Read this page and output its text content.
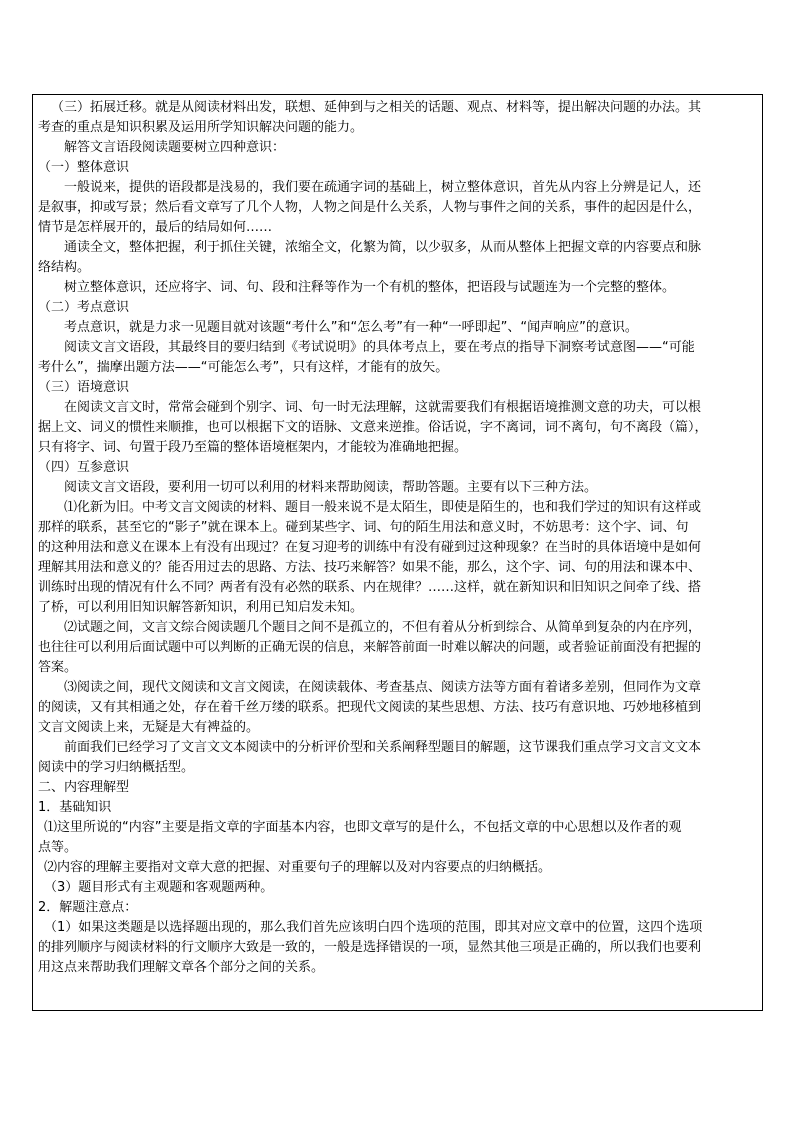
（三）拓展迁移。就是从阅读材料出发，联想、延伸到与之相关的话题、观点、材料等，提出解决问题的办法。其
考查的重点是知识积累及运用所学知识解决问题的能力。
解答文言语段阅读题要树立四种意识：
（一）整体意识
一般说来，提供的语段都是浅易的，我们要在疏通字词的基础上，树立整体意识，首先从内容上分辨是记人，还
是叙事，抑或写景；然后看文章写了几个人物，人物之间是什么关系，人物与事件之间的关系，事件的起因是什么，
情节是怎样展开的，最后的结局如何……
通读全文，整体把握，利于抓住关键，浓缩全文，化繁为简，以少驭多，从而从整体上把握文章的内容要点和脉
络结构。
树立整体意识，还应将字、词、句、段和注释等作为一个有机的整体，把语段与试题连为一个完整的整体。
（二）考点意识
考点意识，就是力求一见题目就对该题“考什么”和“怎么考”有一种“一呼即起”、“闻声响应”的意识。
阅读文言文语段，其最终目的要归结到《考试说明》的具体考点上，要在考点的指导下洞察考试意图——“可能
考什么”，揣摩出题方法——“可能怎么考”，只有这样，才能有的放矢。
（三）语境意识
在阅读文言文时，常常会碰到个别字、词、句一时无法理解，这就需要我们有根据语境推测文意的功夫，可以根
据上文、词义的惯性来顺推，也可以根据下文的语脉、文意来逆推。俗话说，字不离词，词不离句，句不离段（篇），
只有将字、词、句置于段乃至篇的整体语境框架内，才能较为准确地把握。
（四）互参意识
阅读文言文语段，要利用一切可以利用的材料来帮助阅读，帮助答题。主要有以下三种方法。
⑴化新为旧。中考文言文阅读的材料、题目一般来说不是太陌生，即使是陌生的，也和我们学过的知识有这样或
那样的联系，甚至它的“影子”就在课本上。碰到某些字、词、句的陌生用法和意义时，不妨思考：这个字、词、句
的这种用法和意义在课本上有没有出现过？在复习迎考的训练中有没有碰到过这种现象？在当时的具体语境中是如何
理解其用法和意义的？能否用过去的思路、方法、技巧来解答？如果不能，那么，这个字、词、句的用法和课本中、
训练时出现的情况有什么不同？两者有没有必然的联系、内在规律？……这样，就在新知识和旧知识之间牵了线、搭
了桥，可以利用旧知识解答新知识，利用已知启发未知。
⑵试题之间，文言文综合阅读题几个题目之间不是孤立的，不但有着从分析到综合、从简单到复杂的内在序列，
也往往可以利用后面试题中可以判断的正确无误的信息，来解答前面一时难以解决的问题，或者验证前面没有把握的
答案。
⑶阅读之间，现代文阅读和文言文阅读，在阅读载体、考查基点、阅读方法等方面有着诸多差别，但同作为文章
的阅读，又有其相通之处，存在着千丝万缕的联系。把现代文阅读的某些思想、方法、技巧有意识地、巧妙地移植到
文言文阅读上来，无疑是大有裨益的。
前面我们已经学习了文言文文本阅读中的分析评价型和关系阐释型题目的解题，这节课我们重点学习文言文文本
阅读中的学习归纳概括型。
二、内容理解型
1．基础知识
⑴这里所说的“内容”主要是指文章的字面基本内容，也即文章写的是什么，不包括文章的中心思想以及作者的观
点等。
⑵内容的理解主要指对文章大意的把握、对重要句子的理解以及对内容要点的归纳概括。
（3）题目形式有主观题和客观题两种。
2．解题注意点：
（1）如果这类题是以选择题出现的，那么我们首先应该明白四个选项的范围，即其对应文章中的位置，这四个选项
的排列顺序与阅读材料的行文顺序大致是一致的，一般是选择错误的一项，显然其他三项是正确的，所以我们也要利
用这点来帮助我们理解文章各个部分之间的关系。
